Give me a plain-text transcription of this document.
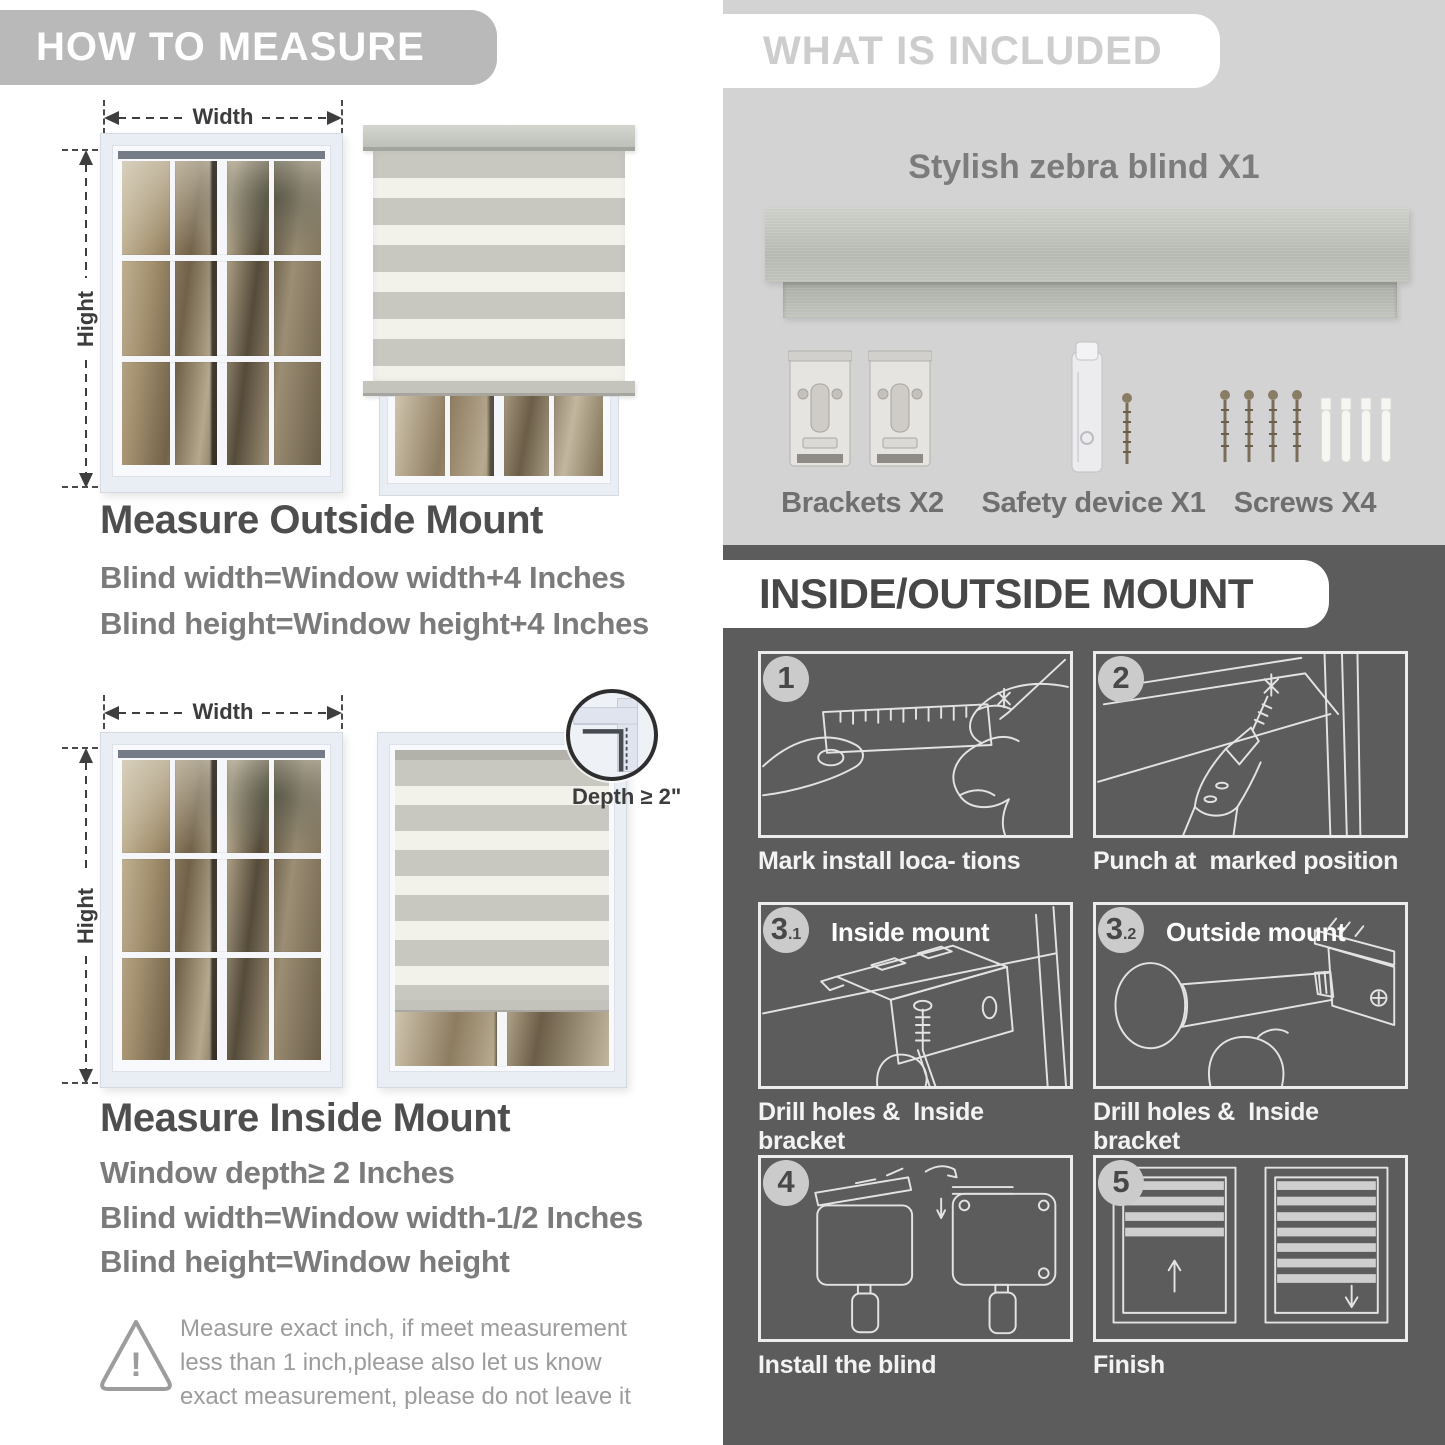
HOW TO MEASURE
Width
Hight
Measure Outside Mount
Blind width=Window width+4 Inches
Blind height=Window height+4 Inches
Width
Hight
Depth ≥ 2"
Measure Inside Mount
Window depth≥ 2 Inches
Blind width=Window width-1/2 Inches
Blind height=Window height
!
Measure exact inch, if meet measurement less than 1 inch,please also let us know exact measurement, please do not leave it
WHAT IS INCLUDED
Stylish zebra blind X1
Brackets X2	Safety device X1 Screws X4
INSIDE/OUTSIDE MOUNT
1
Mark install loca- tions
2
Punch at  marked position
3 .1 Inside mount
Drill holes &  Inside bracket
3 .2 Outside mount
Drill holes &  Inside bracket
4
Install the blind
5
Finish
